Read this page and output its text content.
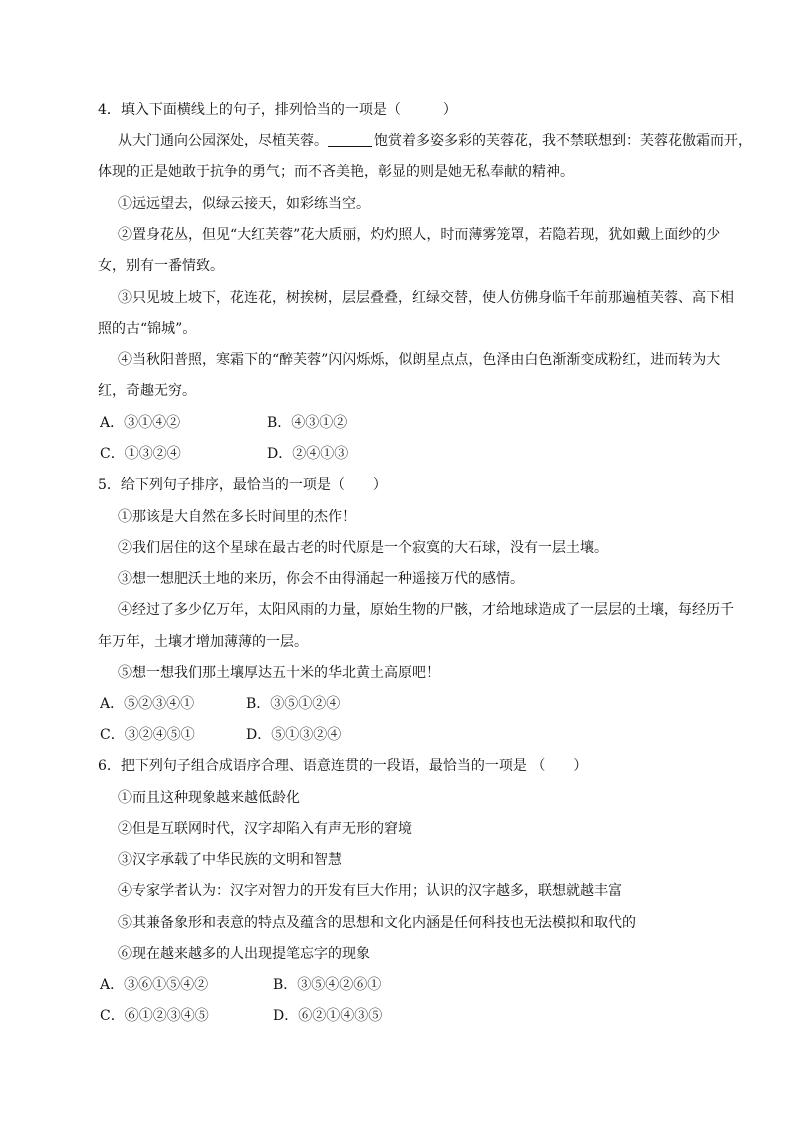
4．填入下面横线上的句子，排列恰当的一项是（　　　）
从大门通向公园深处，尽植芙蓉。	饱赏着多姿多彩的芙蓉花，我不禁联想到：芙蓉花傲霜而开，
体现的正是她敢于抗争的勇气；而不吝美艳，彰显的则是她无私奉献的精神。
①远远望去，似绿云接天，如彩练当空。
②置身花丛，但见“大红芙蓉”花大质丽，灼灼照人，时而薄雾笼罩，若隐若现，犹如戴上面纱的少
女，别有一番情致。
③只见坡上坡下，花连花，树挨树，层层叠叠，红绿交替，使人仿佛身临千年前那遍植芙蓉、高下相
照的古“锦城”。
④当秋阳普照，寒霜下的“醉芙蓉”闪闪烁烁，似朗星点点，色泽由白色渐渐变成粉红，进而转为大
红，奇趣无穷。
A．③①④②	B．④③①②
C．①③②④	D．②④①③
5．给下列句子排序，最恰当的一项是（　　）
①那该是大自然在多长时间里的杰作！
②我们居住的这个星球在最古老的时代原是一个寂寞的大石球，没有一层土壤。
③想一想肥沃土地的来历，你会不由得涌起一种遥接万代的感情。
④经过了多少亿万年，太阳风雨的力量，原始生物的尸骸，才给地球造成了一层层的土壤，每经历千
年万年，土壤才增加薄薄的一层。
⑤想一想我们那土壤厚达五十米的华北黄土高原吧！
A．⑤②③④①	B．③⑤①②④
C．③②④⑤①	D．⑤①③②④
6．把下列句子组合成语序合理、语意连贯的一段语，最恰当的一项是 （　　）
①而且这种现象越来越低龄化
②但是互联网时代，汉字却陷入有声无形的窘境
③汉字承载了中华民族的文明和智慧
④专家学者认为：汉字对智力的开发有巨大作用；认识的汉字越多，联想就越丰富
⑤其兼备象形和表意的特点及蕴含的思想和文化内涵是任何科技也无法模拟和取代的
⑥现在越来越多的人出现提笔忘字的现象
A．③⑥①⑤④②	B．③⑤④②⑥①
C．⑥①②③④⑤	D．⑥②①④③⑤
